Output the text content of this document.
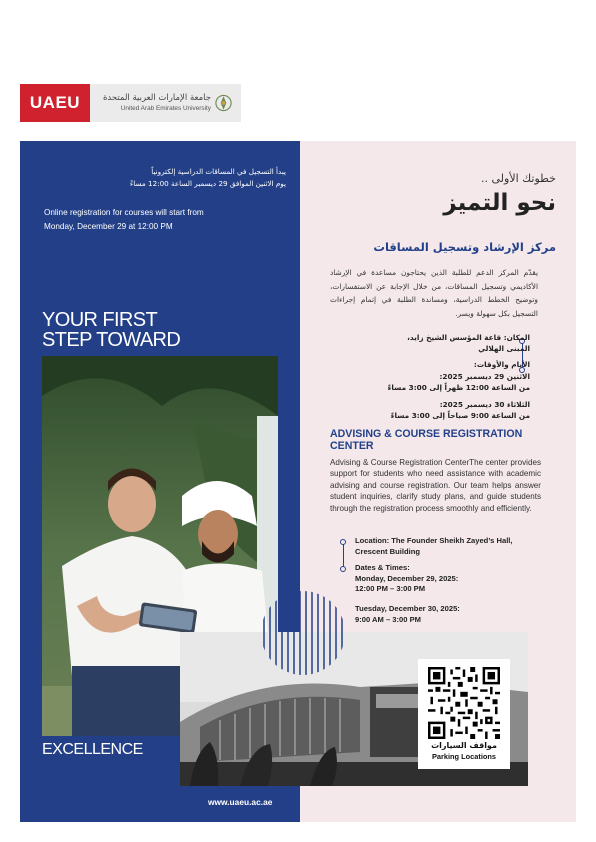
UAEU	جامعة الإمارات العربية المتحدة
United Arab Emirates University
يبدأ التسجيل في المساقات الدراسية إلكترونياً
يوم الاثنين الموافق 29 ديسمبر الساعة 12:00 مساءً
Online registration for courses will start from
Monday, December 29 at 12:00 PM
YOUR FIRST
STEP TOWARD
EXCELLENCE
www.uaeu.ac.ae
خطوتك الأولى ..
نحو التميز
مركز الإرشاد وتسجيل المساقات
يقدّم المركز الدعم للطلبة الذين يحتاجون مساعدة في الإرشاد الأكاديمي وتسجيل المساقات، من خلال الإجابة عن الاستفسارات، وتوضيح الخطط الدراسية، ومساندة الطلبة في إتمام إجراءات التسجيل بكل سهولة ويسر.
المكان: قاعة المؤسس الشيخ زايد،
المبنى الهلالي
الأيام والأوقات:
الاثنين 29 ديسمبر 2025:
من الساعة 12:00 ظهراً إلى 3:00 مساءً
الثلاثاء 30 ديسمبر 2025:
من الساعة 9:00 صباحاً إلى 3:00 مساءً
ADVISING & COURSE REGISTRATION
CENTER
Advising & Course Registration CenterThe center provides support for students who need assistance with academic advising and course registration. Our team helps answer student inquiries, clarify study plans, and guide students through the registration process smoothly and efficiently.
Location: The Founder Sheikh Zayed’s Hall,
Crescent Building
Dates & Times:
Monday, December 29, 2025:
12:00 PM – 3:00 PM
Tuesday, December 30, 2025:
9:00 AM – 3:00 PM
مواقف السيارات
Parking Locations
